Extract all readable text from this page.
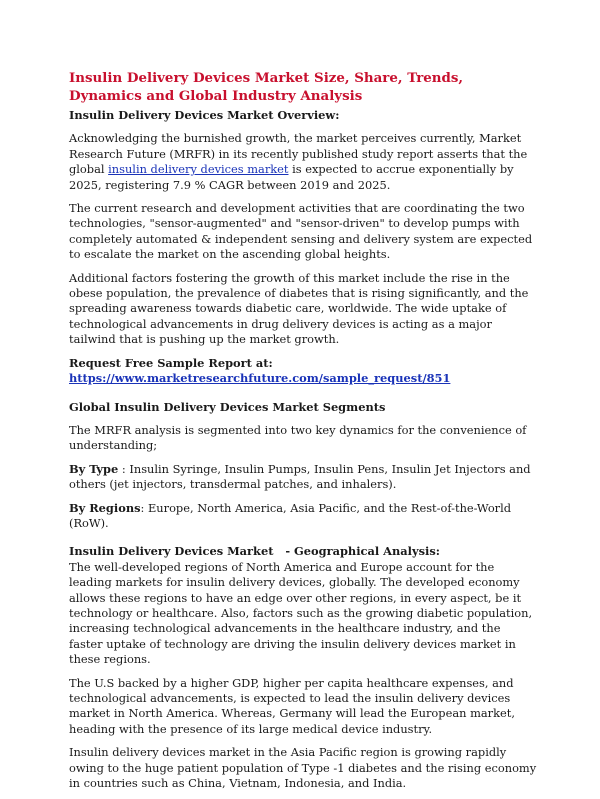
Insulin Delivery Devices Market Size, Share, Trends, Dynamics and Global Industry Analysis
Insulin Delivery Devices Market Overview:

Acknowledging the burnished growth, the market perceives currently, Market Research Future (MRFR) in its recently published study report asserts that the global insulin delivery devices market is expected to accrue exponentially by 2025, registering 7.9 % CAGR between 2019 and 2025.

The current research and development activities that are coordinating the two technologies, "sensor-augmented" and "sensor-driven" to develop pumps with completely automated & independent sensing and delivery system are expected to escalate the market on the ascending global heights.

Additional factors fostering the growth of this market include the rise in the obese population, the prevalence of diabetes that is rising significantly, and the spreading awareness towards diabetic care, worldwide. The wide uptake of technological advancements in drug delivery devices is acting as a major tailwind that is pushing up the market growth.

Request Free Sample Report at:
https://www.marketresearchfuture.com/sample_request/851
Global Insulin Delivery Devices Market Segments

The MRFR analysis is segmented into two key dynamics for the convenience of understanding;

By Type : Insulin Syringe, Insulin Pumps, Insulin Pens, Insulin Jet Injectors and others (jet injectors, transdermal patches, and inhalers).

By Regions: Europe, North America, Asia Pacific, and the Rest-of-the-World (RoW).

Insulin Delivery Devices Market   - Geographical Analysis:

The well-developed regions of North America and Europe account for the leading markets for insulin delivery devices, globally. The developed economy allows these regions to have an edge over other regions, in every aspect, be it technology or healthcare. Also, factors such as the growing diabetic population, increasing technological advancements in the healthcare industry, and the faster uptake of technology are driving the insulin delivery devices market in these regions.

The U.S backed by a higher GDP, higher per capita healthcare expenses, and technological advancements, is expected to lead the insulin delivery devices market in North America. Whereas, Germany will lead the European market, heading with the presence of its large medical device industry.

Insulin delivery devices market in the Asia Pacific region is growing rapidly owing to the huge patient population of Type -1 diabetes and the rising economy in countries such as China, Vietnam, Indonesia, and India.
